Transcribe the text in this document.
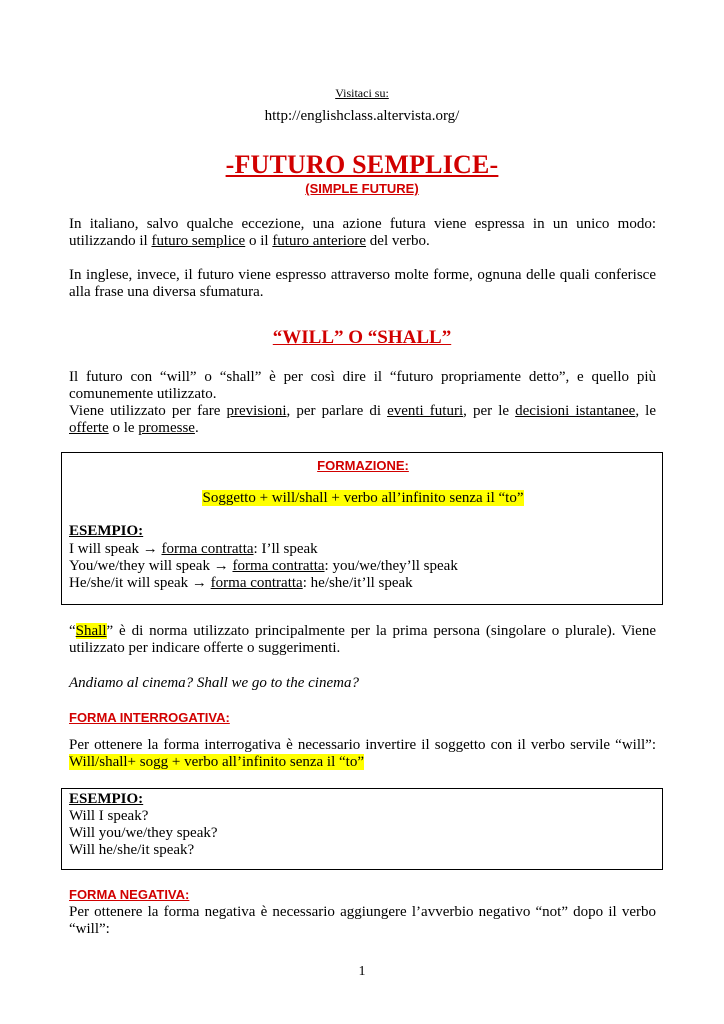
Visitaci su:
http://englishclass.altervista.org/
-FUTURO SEMPLICE-
(SIMPLE FUTURE)

In italiano, salvo qualche eccezione, una azione futura viene espressa in un unico modo: utilizzando il futuro semplice o il futuro anteriore del verbo.

In inglese, invece, il futuro viene espresso attraverso molte forme, ognuna delle quali conferisce alla frase una diversa sfumatura.

“WILL” O “SHALL”

Il futuro con “will” o “shall” è per così dire il “futuro propriamente detto”, e quello più comunemente utilizzato.

Viene utilizzato per fare previsioni, per parlare di eventi futuri, per le decisioni istantanee, le offerte o le promesse.

FORMAZIONE:
Soggetto + will/shall + verbo all’infinito senza il “to”
ESEMPIO:
I will speak → forma contratta: I’ll speak
You/we/they will speak → forma contratta: you/we/they’ll speak
He/she/it will speak → forma contratta: he/she/it’ll speak

“Shall” è di norma utilizzato principalmente per la prima persona (singolare o plurale). Viene utilizzato per indicare offerte o suggerimenti.

Andiamo al cinema? Shall we go to the cinema?

FORMA INTERROGATIVA:

Per ottenere la forma interrogativa è necessario invertire il soggetto con il verbo servile “will”: Will/shall+ sogg + verbo all’infinito senza il “to”

ESEMPIO:
Will I speak?
Will you/we/they speak?
Will he/she/it speak?
FORMA NEGATIVA:

Per ottenere la forma negativa è necessario aggiungere l’avverbio negativo “not” dopo il verbo “will”:

1
